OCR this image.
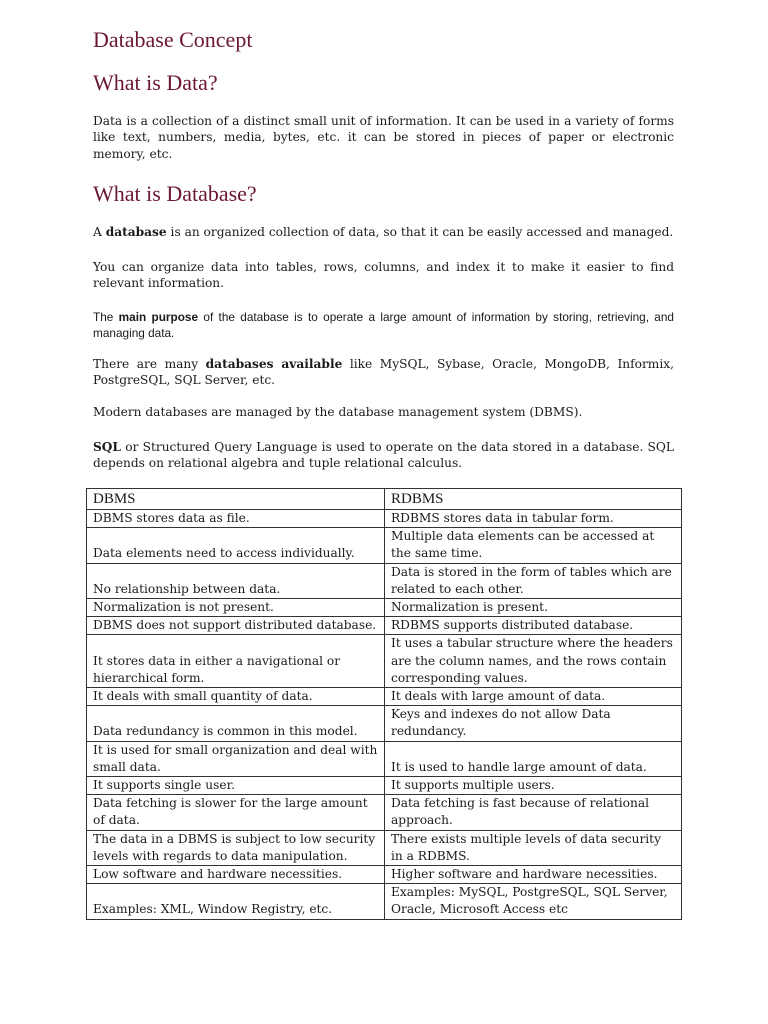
Database Concept
What is Data?

Data is a collection of a distinct small unit of information. It can be used in a variety of forms like text, numbers, media, bytes, etc. it can be stored in pieces of paper or electronic memory, etc.

What is Database?

A database is an organized collection of data, so that it can be easily accessed and managed.

You can organize data into tables, rows, columns, and index it to make it easier to find relevant information.

The main purpose of the database is to operate a large amount of information by storing, retrieving, and managing data.

There are many databases available like MySQL, Sybase, Oracle, MongoDB, Informix, PostgreSQL, SQL Server, etc.

Modern databases are managed by the database management system (DBMS).

SQL or Structured Query Language is used to operate on the data stored in a database. SQL depends on relational algebra and tuple relational calculus.

DBMS	RDBMS
DBMS stores data as file.	RDBMS stores data in tabular form.
Data elements need to access individually.	Multiple data elements can be accessed at the same time.
No relationship between data.	Data is stored in the form of tables which are related to each other.
Normalization is not present.	Normalization is present.
DBMS does not support distributed database.	RDBMS supports distributed database.
It stores data in either a navigational or hierarchical form.	It uses a tabular structure where the headers are the column names, and the rows contain corresponding values.
It deals with small quantity of data.	It deals with large amount of data.
Data redundancy is common in this model.	Keys and indexes do not allow Data redundancy.
It is used for small organization and deal with small data.	It is used to handle large amount of data.
It supports single user.	It supports multiple users.
Data fetching is slower for the large amount of data.	Data fetching is fast because of relational approach.
The data in a DBMS is subject to low security levels with regards to data manipulation.	There exists multiple levels of data security in a RDBMS.
Low software and hardware necessities.	Higher software and hardware necessities.
Examples: XML, Window Registry, etc.	Examples: MySQL, PostgreSQL, SQL Server, Oracle, Microsoft Access etc
